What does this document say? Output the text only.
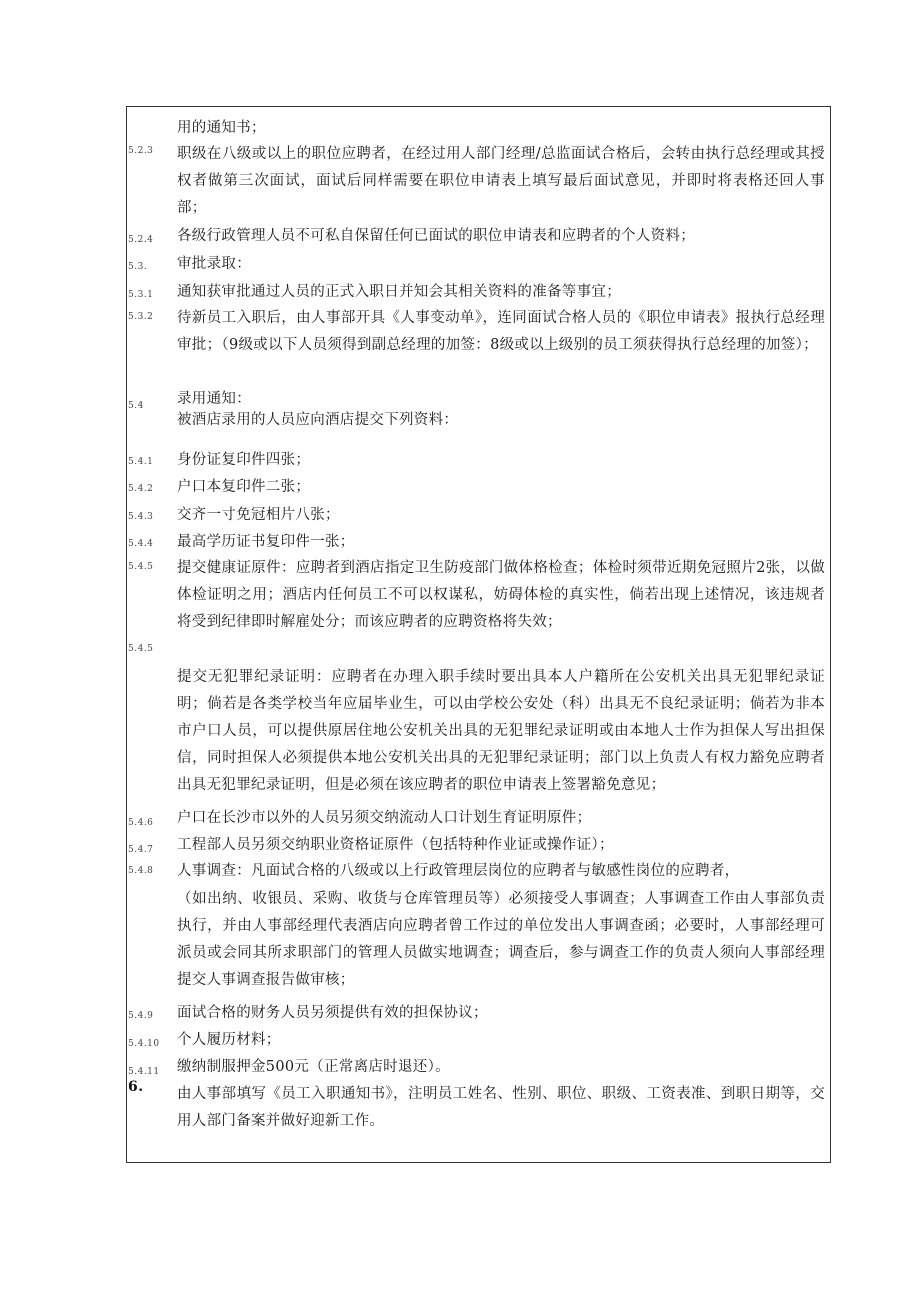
用的通知书；
5.2.3 职级在八级或以上的职位应聘者，在经过用人部门经理/总监面试合格后，会转由执行总经理或其授权者做第三次面试，面试后同样需要在职位申请表上填写最后面试意见，并即时将表格还回人事部；
5.2.4 各级行政管理人员不可私自保留任何已面试的职位申请表和应聘者的个人资料；
5.3. 审批录取：
5.3.1 通知获审批通过人员的正式入职日并知会其相关资料的准备等事宜；
5.3.2 待新员工入职后，由人事部开具《人事变动单》，连同面试合格人员的《职位申请表》报执行总经理审批；（9级或以下人员须得到副总经理的加签：8级或以上级别的员工须获得执行总经理的加签）；
5.4 录用通知：
被酒店录用的人员应向酒店提交下列资料：
5.4.1 身份证复印件四张；
5.4.2 户口本复印件二张；
5.4.3 交齐一寸免冠相片八张；
5.4.4 最高学历证书复印件一张；
5.4.5 提交健康证原件：应聘者到酒店指定卫生防疫部门做体格检查；体检时须带近期免冠照片2张，以做体检证明之用；酒店内任何员工不可以权谋私，妨碍体检的真实性，倘若出现上述情况，该违规者将受到纪律即时解雇处分；而该应聘者的应聘资格将失效；
5.4.5
提交无犯罪纪录证明：应聘者在办理入职手续时要出具本人户籍所在公安机关出具无犯罪纪录证明；倘若是各类学校当年应届毕业生，可以由学校公安处（科）出具无不良纪录证明；倘若为非本市户口人员，可以提供原居住地公安机关出具的无犯罪纪录证明或由本地人士作为担保人写出担保信，同时担保人必须提供本地公安机关出具的无犯罪纪录证明；部门以上负责人有权力豁免应聘者出具无犯罪纪录证明，但是必须在该应聘者的职位申请表上签署豁免意见；
5.4.6 户口在长沙市以外的人员另须交纳流动人口计划生育证明原件；
5.4.7 工程部人员另须交纳职业资格证原件（包括特种作业证或操作证）；
5.4.8 人事调查：凡面试合格的八级或以上行政管理层岗位的应聘者与敏感性岗位的应聘者，
（如出纳、收银员、采购、收货与仓库管理员等）必须接受人事调查；人事调查工作由人事部负责执行，并由人事部经理代表酒店向应聘者曾工作过的单位发出人事调查函；必要时，人事部经理可派员或会同其所求职部门的管理人员做实地调查；调查后，参与调查工作的负责人须向人事部经理提交人事调查报告做审核；
5.4.9 面试合格的财务人员另须提供有效的担保协议；
5.4.10 个人履历材料；
5.4.11 缴纳制服押金500元（正常离店时退还）。
6. 由人事部填写《员工入职通知书》，注明员工姓名、性别、职位、职级、工资表准、到职日期等，交用人部门备案并做好迎新工作。
